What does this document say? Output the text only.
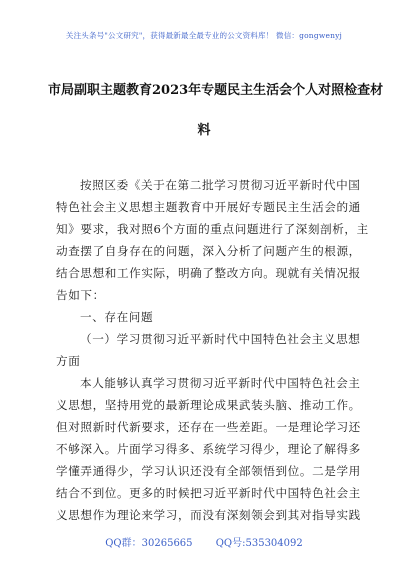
关注头条号"公文研究"，获得最新最全最专业的公文资料库！ 微信：gongwenyj
市局副职主题教育2023年专题民主生活会个人对照检查材
料
按照区委《关于在第二批学习贯彻习近平新时代中国
特色社会主义思想主题教育中开展好专题民主生活会的通
知》要求，我对照6个方面的重点问题进行了深刻剖析，主
动查摆了自身存在的问题，深入分析了问题产生的根源，
结合思想和工作实际，明确了整改方向。现就有关情况报
告如下：
一、存在问题
（一）学习贯彻习近平新时代中国特色社会主义思想
方面
本人能够认真学习贯彻习近平新时代中国特色社会主
义思想，坚持用党的最新理论成果武装头脑、推动工作。
但对照新时代新要求，还存在一些差距。一是理论学习还
不够深入。片面学习得多、系统学习得少，理论了解得多
学懂弄通得少，学习认识还没有全部领悟到位。二是学用
结合不到位。更多的时候把习近平新时代中国特色社会主
义思想作为理论来学习，而没有深刻领会到其对指导实践
QQ群：30265665 QQ号:535304092
